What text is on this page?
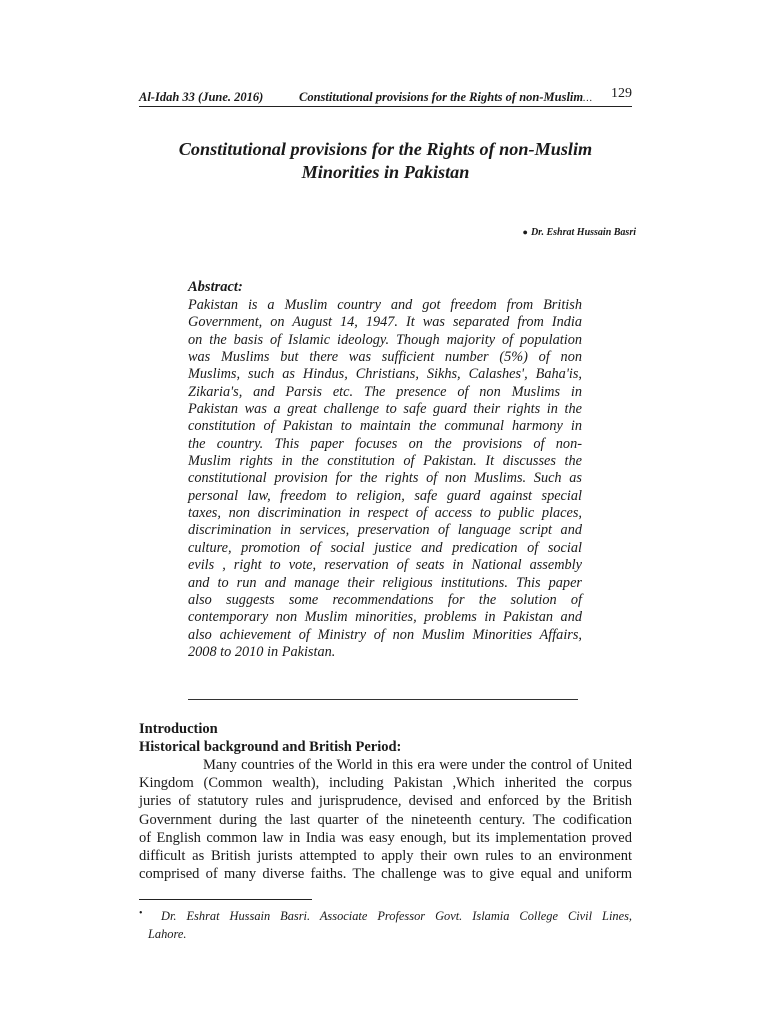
Al-Idah 33 (June. 2016)	Constitutional provisions for the Rights of non-Muslim… 129
Constitutional provisions for the Rights of non-Muslim
Minorities in Pakistan
● Dr. Eshrat Hussain Basri
Abstract:
Pakistan is a Muslim country and got freedom from British
Government, on August 14, 1947. It was separated from India
on the basis of Islamic ideology. Though majority of population
was Muslims but there was sufficient number (5%) of non
Muslims, such as Hindus, Christians, Sikhs, Calashes', Baha'is,
Zikaria's, and Parsis etc. The presence of non Muslims in
Pakistan was a great challenge to safe guard their rights in the
constitution of Pakistan to maintain the communal harmony in
the country. This paper focuses on the provisions of non-
Muslim rights in the constitution of Pakistan. It discusses the
constitutional provision for the rights of non Muslims. Such as
personal law, freedom to religion, safe guard against special
taxes, non discrimination in respect of access to public places,
discrimination in services, preservation of language script and
culture, promotion of social justice and predication of social
evils , right to vote, reservation of seats in National assembly
and to run and manage their religious institutions. This paper
also suggests some recommendations for the solution of
contemporary non Muslim minorities, problems in Pakistan and
also achievement of Ministry of non Muslim Minorities Affairs,
2008 to 2010 in Pakistan.
Introduction
Historical background and British Period:
Many countries of the World in this era were under the control of United
Kingdom (Common wealth), including Pakistan ,Which inherited the corpus
juries of statutory rules and jurisprudence, devised and enforced by the British
Government during the last quarter of the nineteenth century. The codification
of English common law in India was easy enough, but its implementation proved
difficult as British jurists attempted to apply their own rules to an environment
comprised of many diverse faiths. The challenge was to give equal and uniform
•	Dr. Eshrat Hussain Basri. Associate Professor Govt. Islamia College Civil Lines,
Lahore.
